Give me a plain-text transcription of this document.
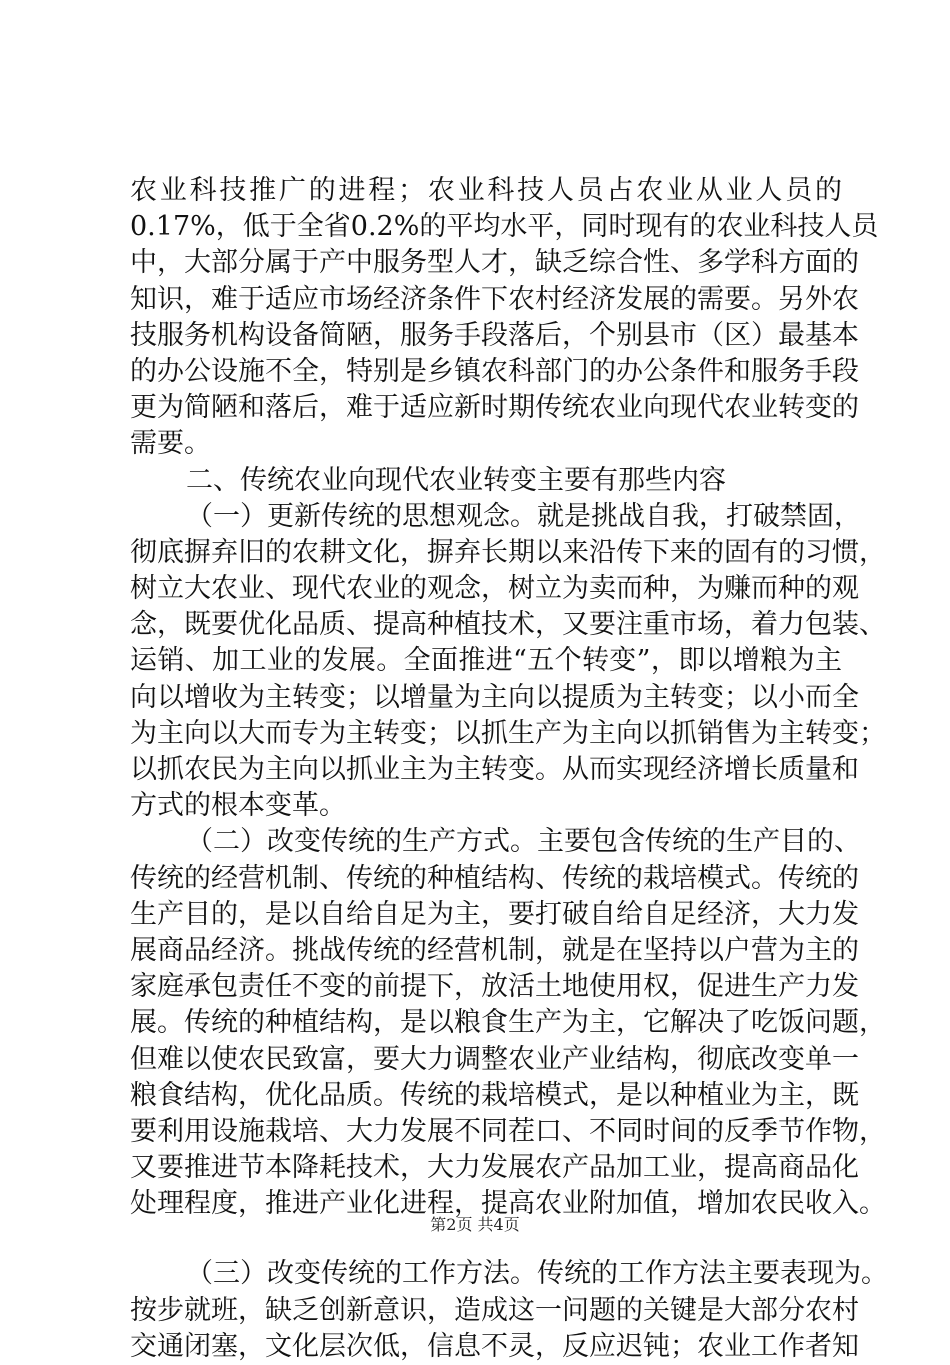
农业科技推广的进程；农业科技人员占农业从业人员的
0.17%，低于全省0.2%的平均水平，同时现有的农业科技人员
中，大部分属于产中服务型人才，缺乏综合性、多学科方面的
知识，难于适应市场经济条件下农村经济发展的需要。另外农
技服务机构设备简陋，服务手段落后，个别县市（区）最基本
的办公设施不全，特别是乡镇农科部门的办公条件和服务手段
更为简陋和落后，难于适应新时期传统农业向现代农业转变的
需要。
二、传统农业向现代农业转变主要有那些内容
（一）更新传统的思想观念。就是挑战自我，打破禁固，
彻底摒弃旧的农耕文化，摒弃长期以来沿传下来的固有的习惯，
树立大农业、现代农业的观念，树立为卖而种，为赚而种的观
念，既要优化品质、提高种植技术，又要注重市场，着力包装、
运销、加工业的发展。全面推进“五个转变”，即以增粮为主
向以增收为主转变；以增量为主向以提质为主转变；以小而全
为主向以大而专为主转变；以抓生产为主向以抓销售为主转变；
以抓农民为主向以抓业主为主转变。从而实现经济增长质量和
方式的根本变革。
（二）改变传统的生产方式。主要包含传统的生产目的、
传统的经营机制、传统的种植结构、传统的栽培模式。传统的
生产目的，是以自给自足为主，要打破自给自足经济，大力发
展商品经济。挑战传统的经营机制，就是在坚持以户营为主的
家庭承包责任不变的前提下，放活土地使用权，促进生产力发
展。传统的种植结构，是以粮食生产为主，它解决了吃饭问题，
但难以使农民致富，要大力调整农业产业结构，彻底改变单一
粮食结构，优化品质。传统的栽培模式，是以种植业为主，既
要利用设施栽培、大力发展不同茬口、不同时间的反季节作物，
又要推进节本降耗技术，大力发展农产品加工业，提高商品化
处理程度，推进产业化进程，提高农业附加值，增加农民收入。
（三）改变传统的工作方法。传统的工作方法主要表现为。
按步就班，缺乏创新意识，造成这一问题的关键是大部分农村
交通闭塞，文化层次低，信息不灵，反应迟钝；农业工作者知
第2页 共4页
